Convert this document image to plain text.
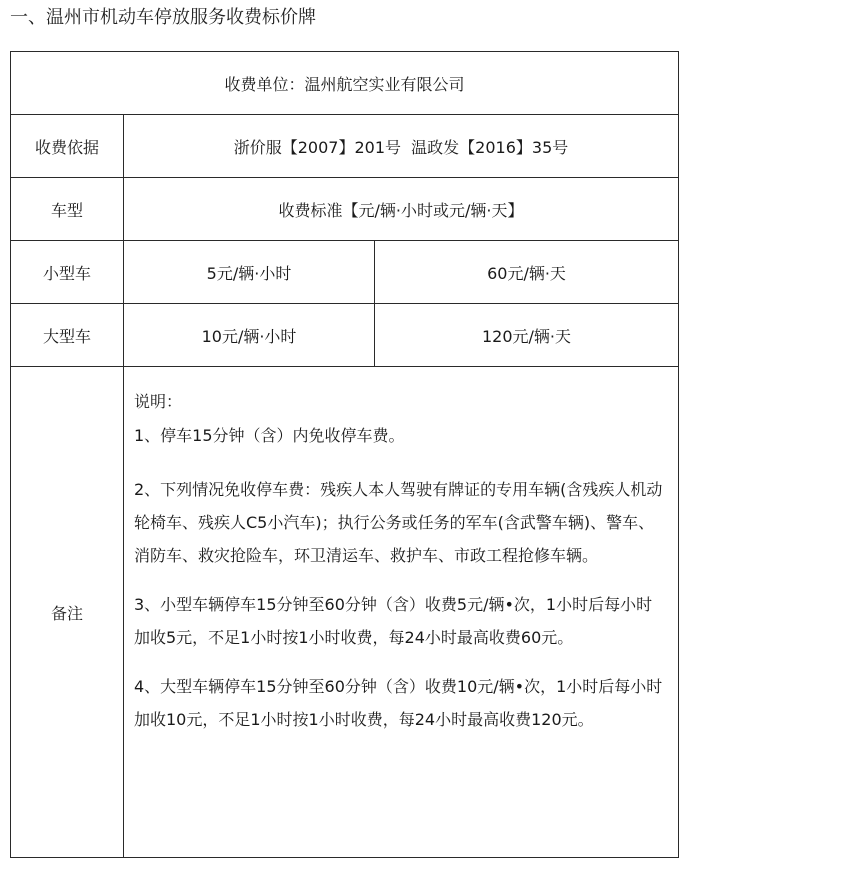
一、温州市机动车停放服务收费标价牌
收费单位：温州航空实业有限公司		
收费依据	浙价服【2007】201号  温政发【2016】35号	
车型	收费标准【元/辆·小时或元/辆·天】	
小型车	5元/辆·小时	60元/辆·天
大型车	10元/辆·小时	120元/辆·天
备注	说明：

1、停车15分钟（含）内免收停车费。

2、下列情况免收停车费：残疾人本人驾驶有牌证的专用车辆(含残疾人机动轮椅车、残疾人C5小汽车)；执行公务或任务的军车(含武警车辆)、警车、消防车、救灾抢险车，环卫清运车、救护车、市政工程抢修车辆。

3、小型车辆停车15分钟至60分钟（含）收费5元/辆•次，1小时后每小时加收5元，不足1小时按1小时收费，每24小时最高收费60元。

4、大型车辆停车15分钟至60分钟（含）收费10元/辆•次，1小时后每小时加收10元，不足1小时按1小时收费，每24小时最高收费120元。	
